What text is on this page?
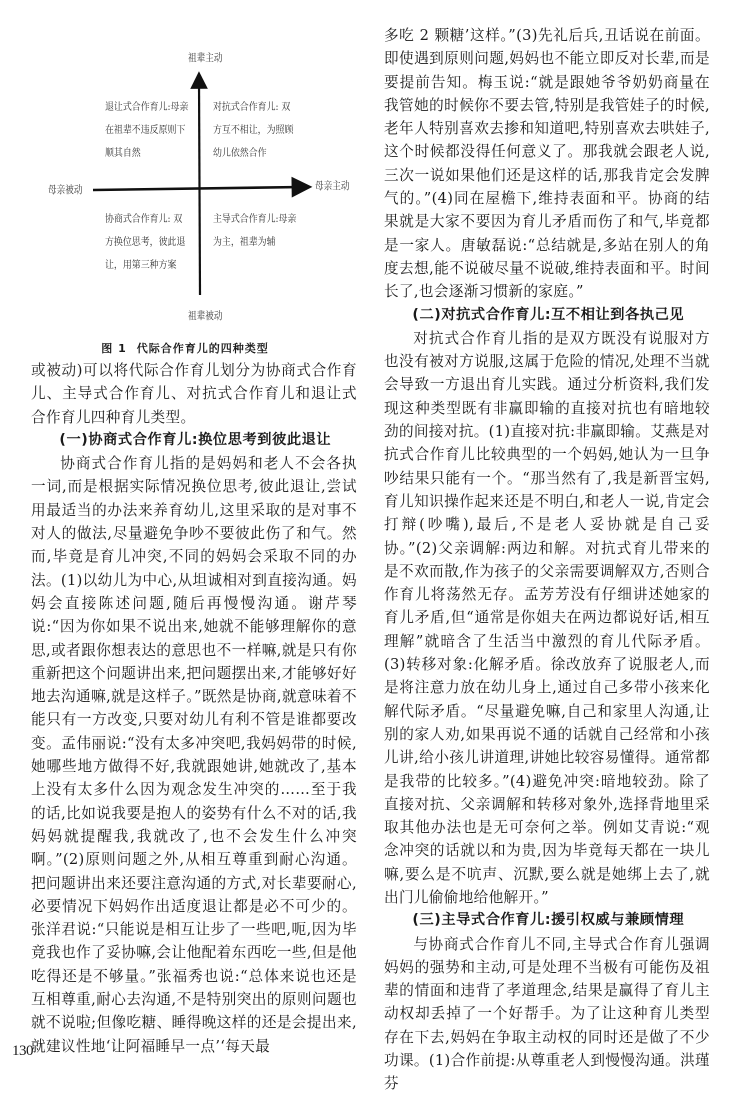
祖辈主动
祖辈被动
母亲被动	母亲主动
退让式合作育儿:母亲在祖辈不违反原则下顺其自然
对抗式合作育儿: 双方互不相让，为照顾幼儿依然合作
协商式合作育儿: 双方换位思考，彼此退让，用第三种方案
主导式合作育儿:母亲为主，祖辈为辅
图 1 代际合作育儿的四种类型

或被动)可以将代际合作育儿划分为协商式合作育儿、主导式合作育儿、对抗式合作育儿和退让式合作育儿四种育儿类型。

(一)协商式合作育儿:换位思考到彼此退让

协商式合作育儿指的是妈妈和老人不会各执一词,而是根据实际情况换位思考,彼此退让,尝试用最适当的办法来养育幼儿,这里采取的是对事不对人的做法,尽量避免争吵不要彼此伤了和气。然而,毕竟是育儿冲突,不同的妈妈会采取不同的办法。(1)以幼儿为中心,从坦诚相对到直接沟通。妈妈会直接陈述问题,随后再慢慢沟通。谢芹琴说:“因为你如果不说出来,她就不能够理解你的意思,或者跟你想表达的意思也不一样嘛,就是只有你重新把这个问题讲出来,把问题摆出来,才能够好好地去沟通嘛,就是这样子。”既然是协商,就意味着不能只有一方改变,只要对幼儿有利不管是谁都要改变。孟伟丽说:“没有太多冲突吧,我妈妈带的时候,她哪些地方做得不好,我就跟她讲,她就改了,基本上没有太多什么因为观念发生冲突的……至于我的话,比如说我要是抱人的姿势有什么不对的话,我妈妈就提醒我,我就改了,也不会发生什么冲突啊。”(2)原则问题之外,从相互尊重到耐心沟通。把问题讲出来还要注意沟通的方式,对长辈要耐心,必要情况下妈妈作出适度退让都是必不可少的。张洋君说:“只能说是相互让步了一些吧,呃,因为毕竟我也作了妥协嘛,会让他配着东西吃一些,但是他吃得还是不够量。”张福秀也说:“总体来说也还是互相尊重,耐心去沟通,不是特别突出的原则问题也就不说啦;但像吃糖、睡得晚这样的还是会提出来,就建议性地‘让阿福睡早一点’‘每天最

多吃 2 颗糖’这样。”(3)先礼后兵,丑话说在前面。即使遇到原则问题,妈妈也不能立即反对长辈,而是要提前告知。梅玉说:“就是跟她爷爷奶奶商量在我管她的时候你不要去管,特别是我管娃子的时候,老年人特别喜欢去掺和知道吧,特别喜欢去哄娃子,这个时候都没得任何意义了。那我就会跟老人说,三次一说如果他们还是这样的话,那我肯定会发脾气的。”(4)同在屋檐下,维持表面和平。协商的结果就是大家不要因为育儿矛盾而伤了和气,毕竟都是一家人。唐敏磊说:“总结就是,多站在别人的角度去想,能不说破尽量不说破,维持表面和平。时间长了,也会逐渐习惯新的家庭。”

(二)对抗式合作育儿:互不相让到各执己见

对抗式合作育儿指的是双方既没有说服对方也没有被对方说服,这属于危险的情况,处理不当就会导致一方退出育儿实践。通过分析资料,我们发现这种类型既有非赢即输的直接对抗也有暗地较劲的间接对抗。(1)直接对抗:非赢即输。艾燕是对抗式合作育儿比较典型的一个妈妈,她认为一旦争吵结果只能有一个。“那当然有了,我是新晋宝妈,育儿知识操作起来还是不明白,和老人一说,肯定会打辩(吵嘴),最后,不是老人妥协就是自己妥协。”(2)父亲调解:两边和解。对抗式育儿带来的是不欢而散,作为孩子的父亲需要调解双方,否则合作育儿将荡然无存。孟芳芳没有仔细讲述她家的育儿矛盾,但“通常是你姐夫在两边都说好话,相互理解”就暗含了生活当中激烈的育儿代际矛盾。(3)转移对象:化解矛盾。徐改放弃了说服老人,而是将注意力放在幼儿身上,通过自己多带小孩来化解代际矛盾。“尽量避免嘛,自己和家里人沟通,让别的家人劝,如果再说不通的话就自己经常和小孩儿讲,给小孩儿讲道理,讲她比较容易懂得。通常都是我带的比较多。”(4)避免冲突:暗地较劲。除了直接对抗、父亲调解和转移对象外,选择背地里采取其他办法也是无可奈何之举。例如艾青说:“观念冲突的话就以和为贵,因为毕竟每天都在一块儿嘛,要么是不吭声、沉默,要么就是她绑上去了,就出门儿偷偷地给他解开。”

(三)主导式合作育儿:援引权威与兼顾情理

与协商式合作育儿不同,主导式合作育儿强调妈妈的强势和主动,可是处理不当极有可能伤及祖辈的情面和违背了孝道理念,结果是赢得了育儿主动权却丢掉了一个好帮手。为了让这种育儿类型存在下去,妈妈在争取主动权的同时还是做了不少功课。(1)合作前提:从尊重老人到慢慢沟通。洪瑾芬

130
